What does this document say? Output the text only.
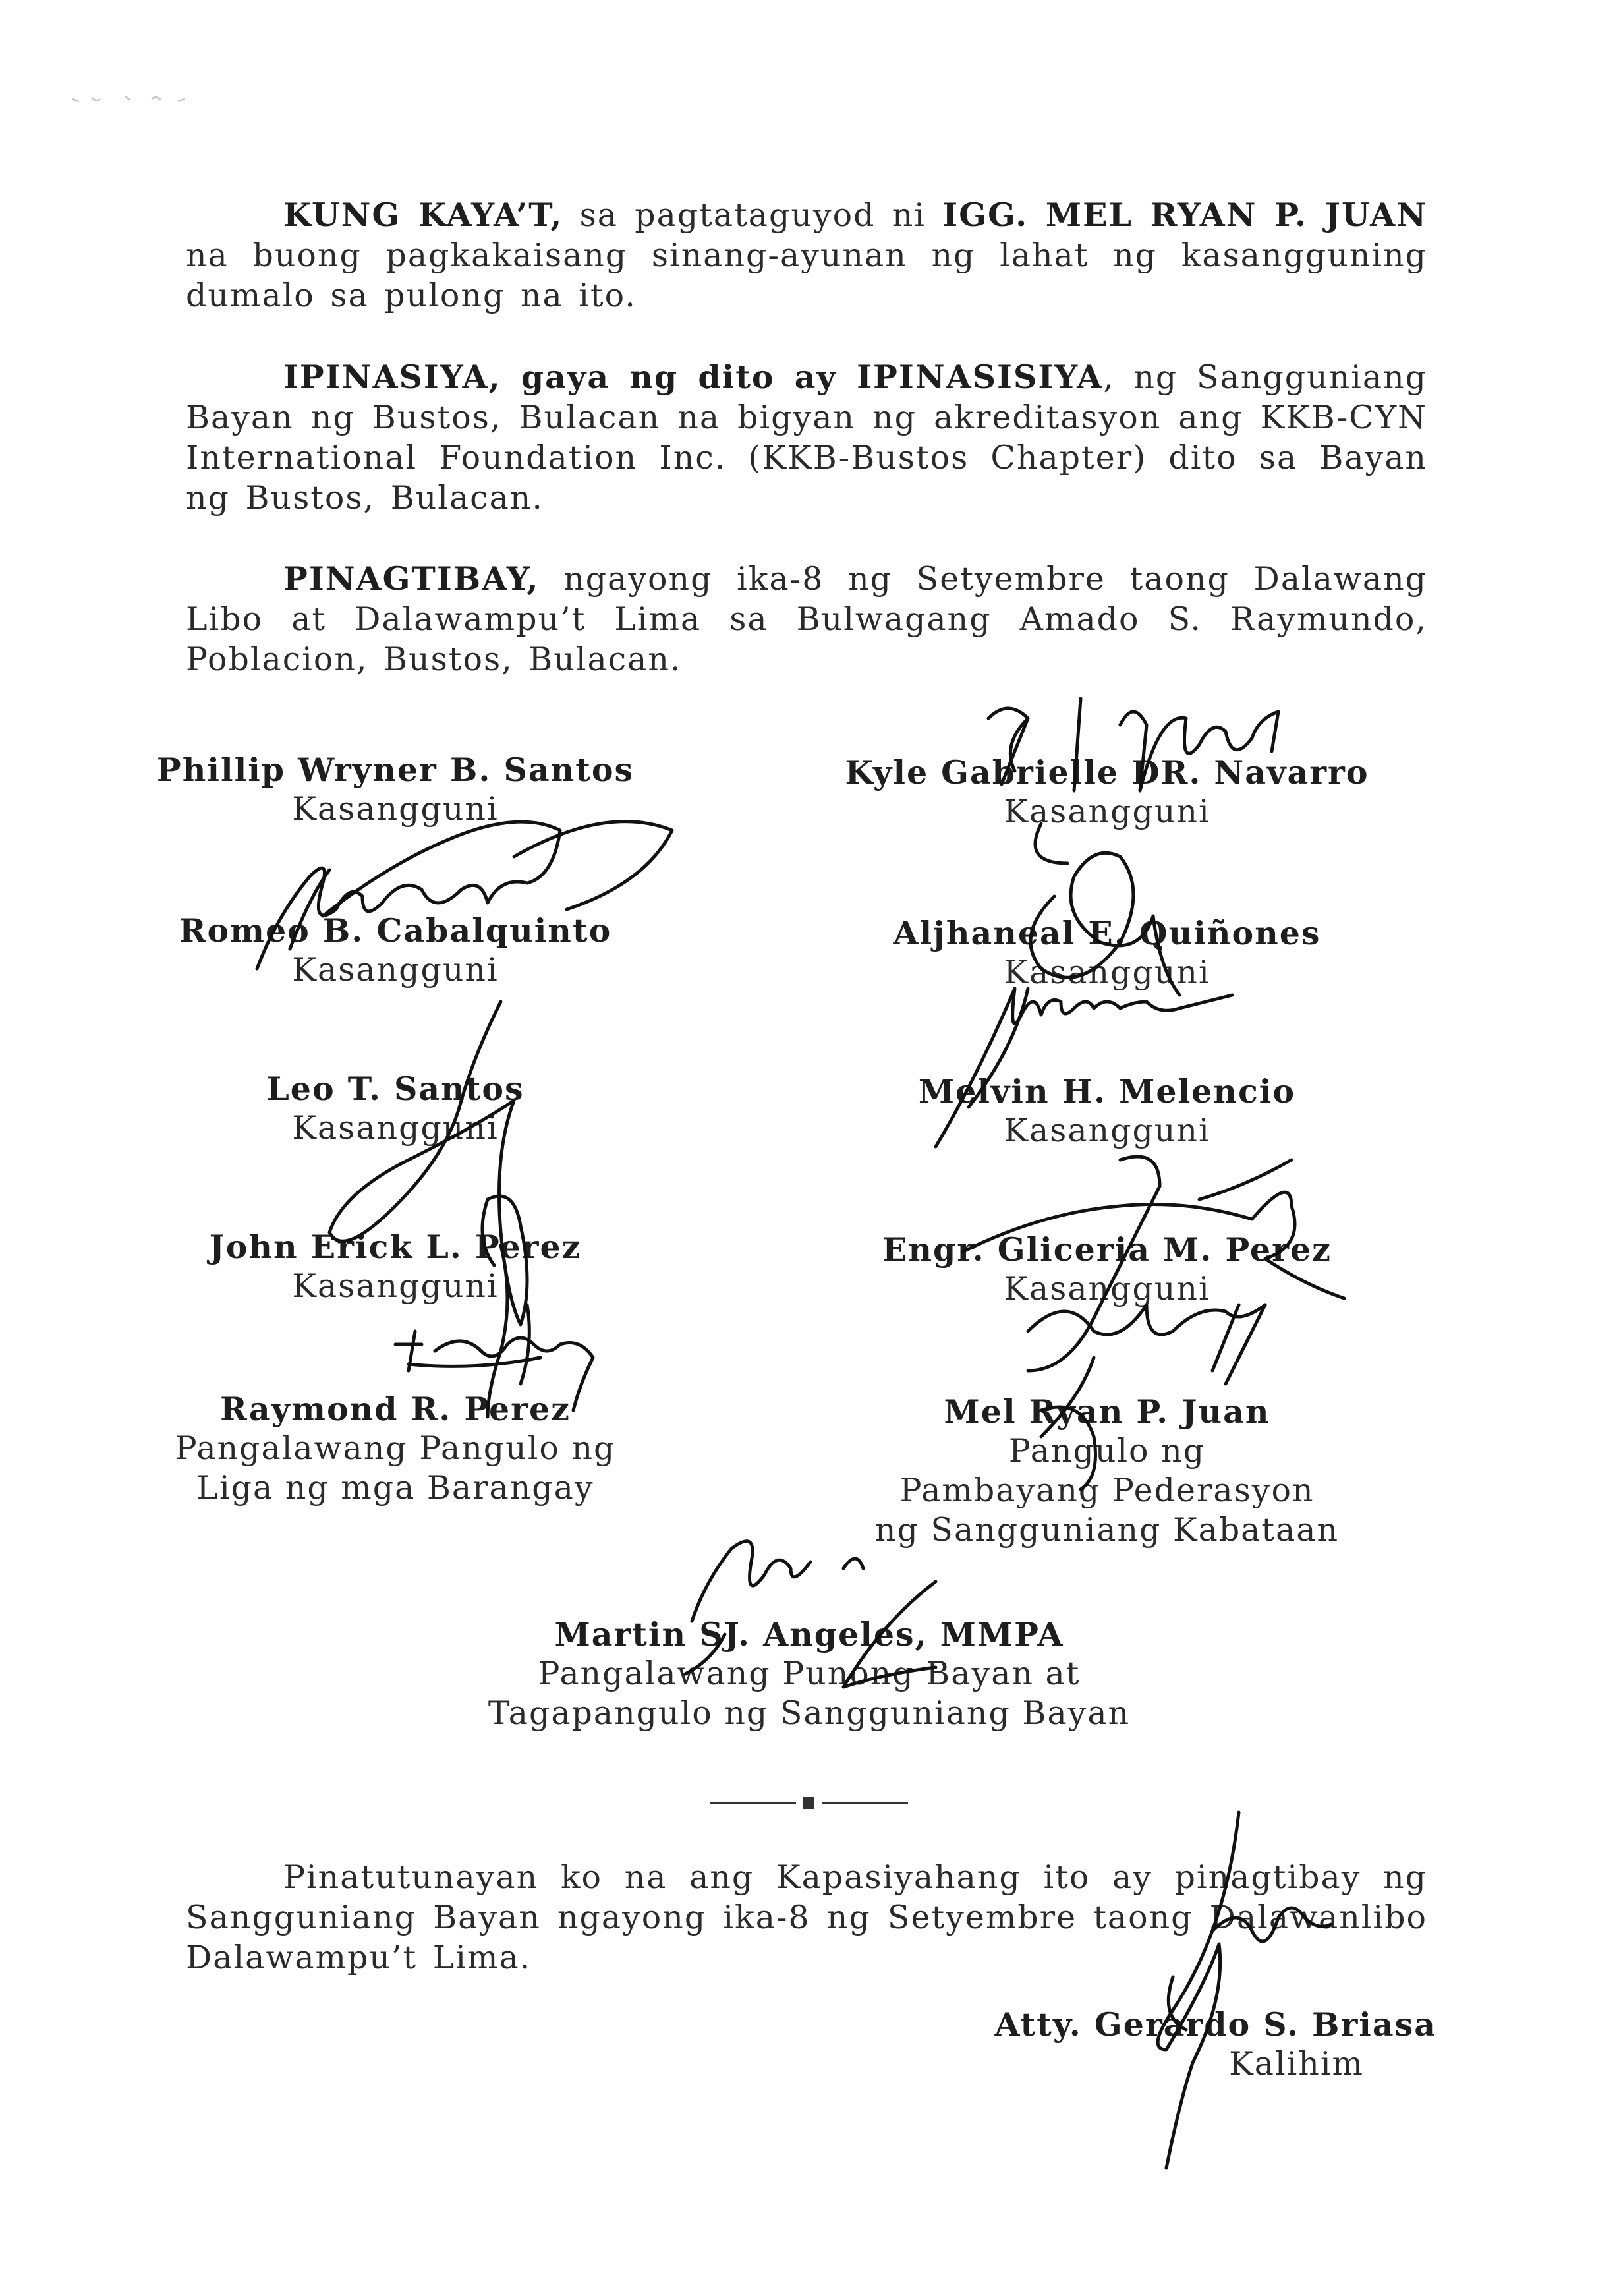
KUNG KAYA’T, sa pagtataguyod ni IGG. MEL RYAN P. JUAN na buong pagkakaisang sinang-ayunan ng lahat ng kasangguning dumalo sa pulong na ito.
IPINASIYA, gaya ng dito ay IPINASISIYA, ng Sangguniang Bayan ng Bustos, Bulacan na bigyan ng akreditasyon ang KKB-CYN International Foundation Inc. (KKB-Bustos Chapter) dito sa Bayan ng Bustos, Bulacan.
PINAGTIBAY, ngayong ika-8 ng Setyembre taong Dalawang Libo at Dalawampu’t Lima sa Bulwagang Amado S. Raymundo, Poblacion, Bustos, Bulacan.
Phillip Wryner B. Santos
Kasangguni
Kyle Gabrielle DR. Navarro
Kasangguni
Romeo B. Cabalquinto
Kasangguni
Aljhaneal E. Quiñones
Kasangguni
Leo T. Santos
Kasangguni
Melvin H. Melencio
Kasangguni
John Erick L. Perez
Kasangguni
Engr. Gliceria M. Perez
Kasangguni
Raymond R. Perez
Pangalawang Pangulo ng
Liga ng mga Barangay
Mel Ryan P. Juan
Pangulo ng
Pambayang Pederasyon
ng Sangguniang Kabataan
Martin SJ. Angeles, MMPA
Pangalawang Punong Bayan at
Tagapangulo ng Sangguniang Bayan
Pinatutunayan ko na ang Kapasiyahang ito ay pinagtibay ng Sangguniang Bayan ngayong ika-8 ng Setyembre taong Dalawanlibo Dalawampu’t Lima.
Atty. Gerardo S. Briasa
Kalihim
